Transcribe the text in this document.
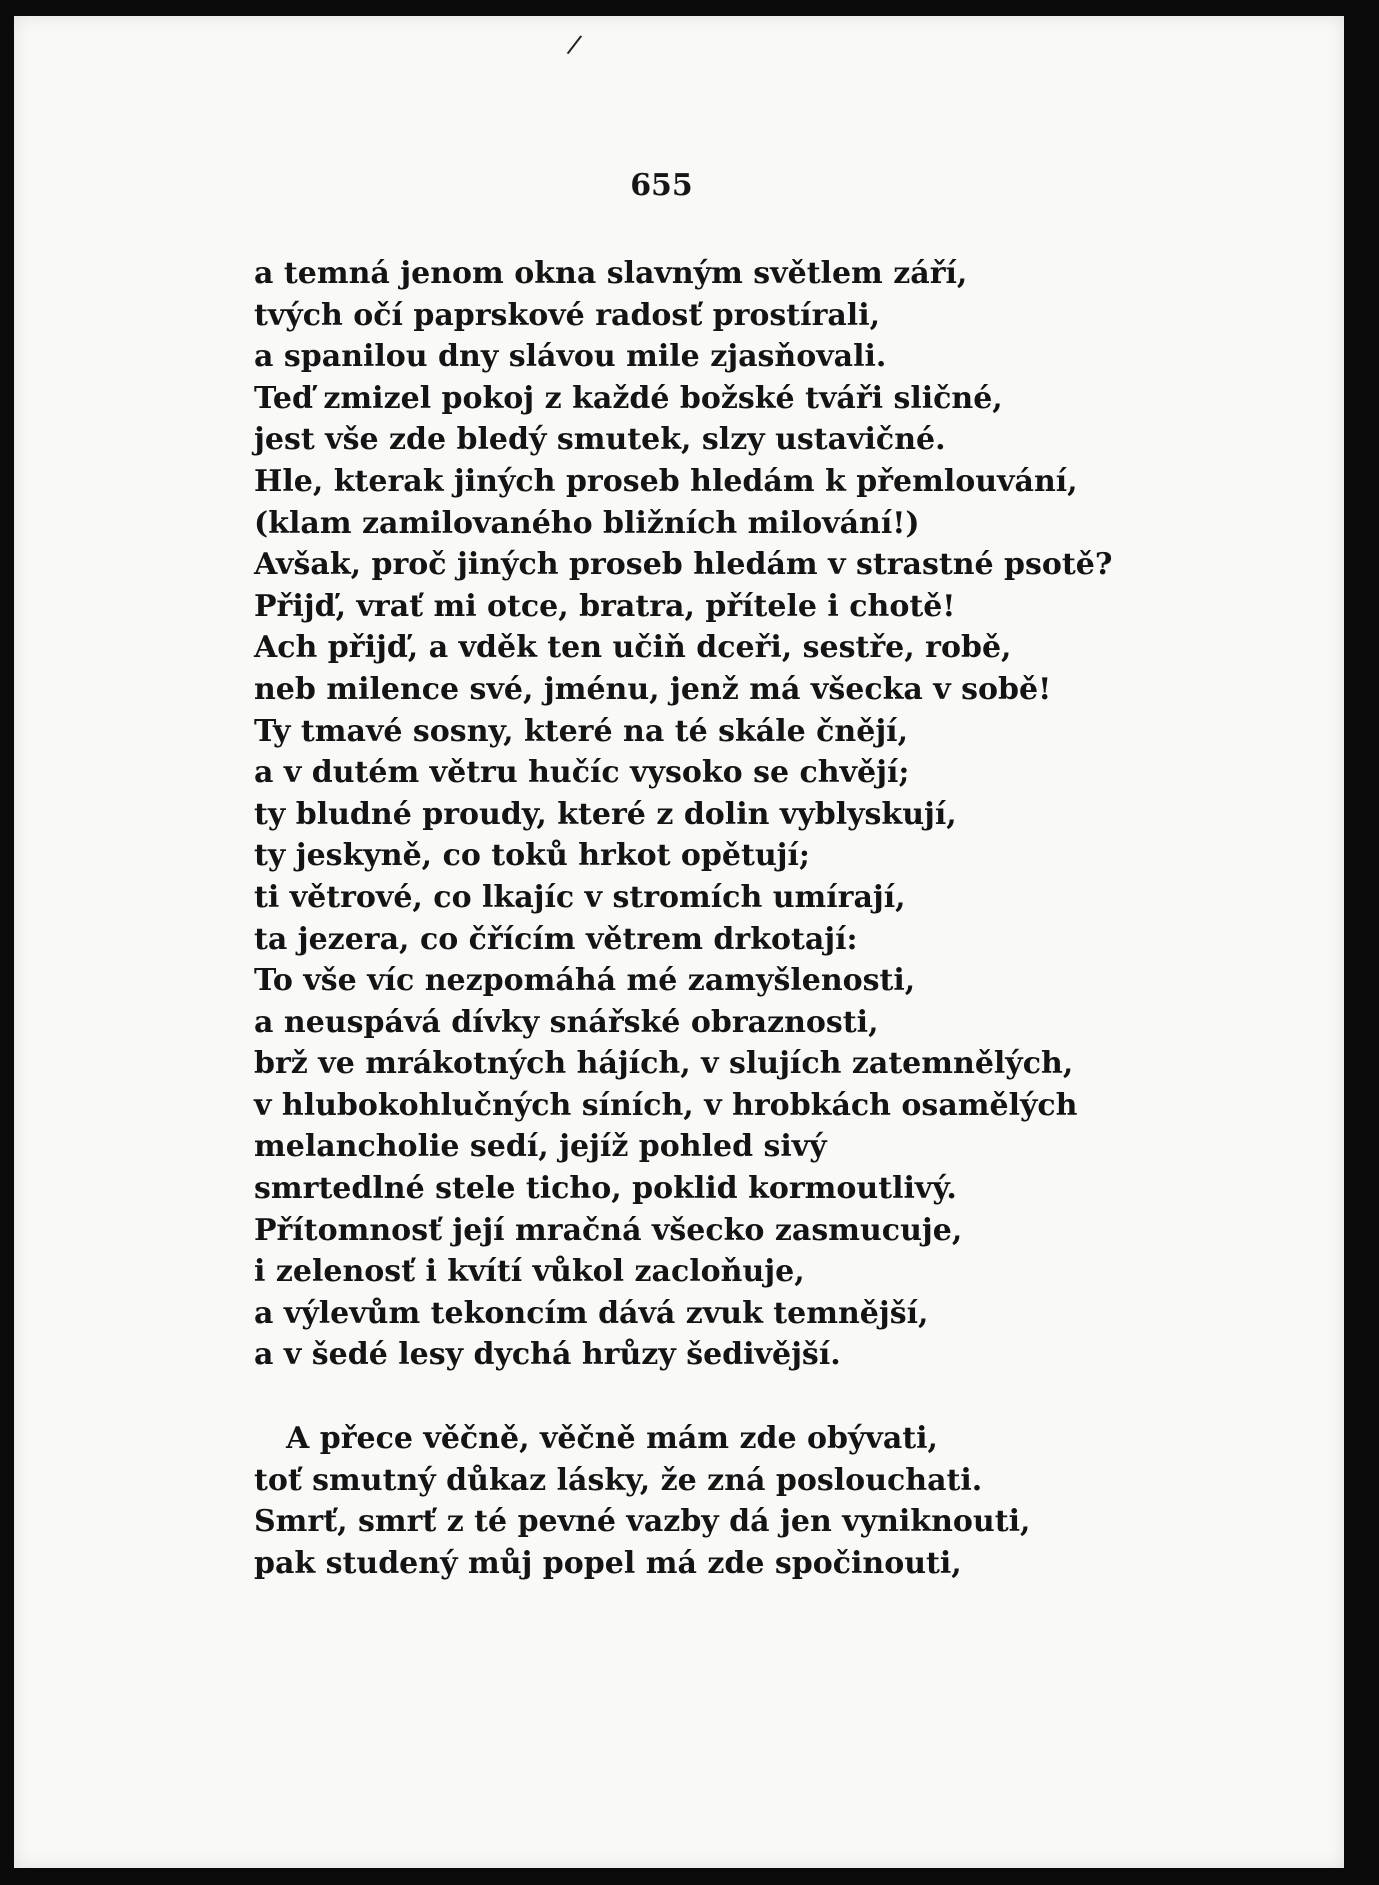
/
655

a temná jenom okna slavným světlem září,
tvých očí paprskové radosť prostírali,
a spanilou dny slávou mile zjasňovali.
Teď zmizel pokoj z každé božské tváři sličné,
jest vše zde bledý smutek, slzy ustavičné.
Hle, kterak jiných proseb hledám k přemlouvání,
(klam zamilovaného bližních milování!)
Avšak, proč jiných proseb hledám v strastné psotě?
Přijď, vrať mi otce, bratra, přítele i chotě!
Ach přijď, a vděk ten učiň dceři, sestře, robě,
neb milence své, jménu, jenž má všecka v sobě!
Ty tmavé sosny, které na té skále čnějí,
a v dutém větru hučíc vysoko se chvějí;
ty bludné proudy, které z dolin vyblyskují,
ty jeskyně, co toků hrkot opětují;
ti větrové, co lkajíc v stromích umírají,
ta jezera, co čřícím větrem drkotají:
To vše víc nezpomáhá mé zamyšlenosti,
a neuspává dívky snářské obraznosti,
brž ve mrákotných hájích, v slujích zatemnělých,
v hlubokohlučných síních, v hrobkách osamělých
melancholie sedí, jejíž pohled sivý
smrtedlné stele ticho, poklid kormoutlivý.
Přítomnosť její mračná všecko zasmucuje,
i zelenosť i kvítí vůkol zacloňuje,
a výlevům tekoncím dává zvuk temnější,
a v šedé lesy dychá hrůzy šedivější.

A přece věčně, věčně mám zde obývati,
toť smutný důkaz lásky, že zná poslouchati.
Smrť, smrť z té pevné vazby dá jen vyniknouti,
pak studený můj popel má zde spočinouti,
